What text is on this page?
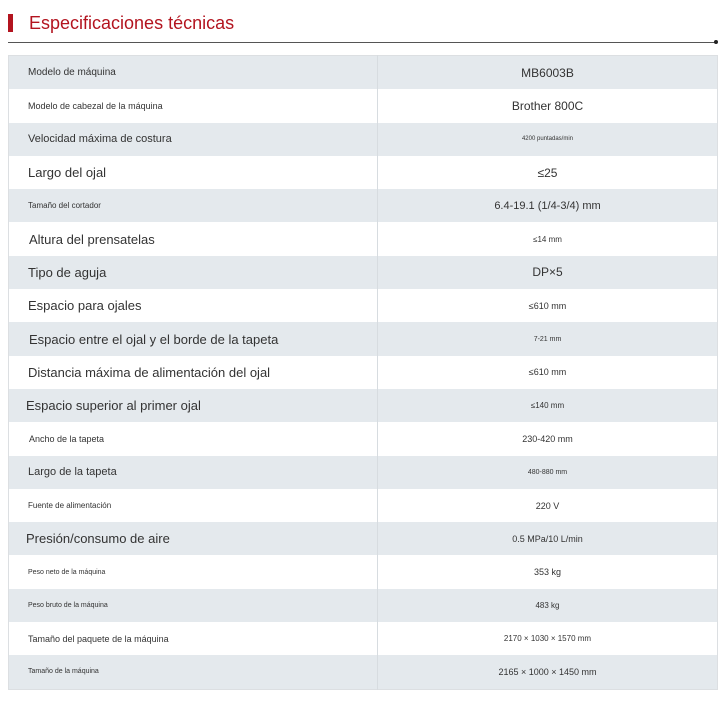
Especificaciones técnicas
Modelo de máquina	MB6003B
Modelo de cabezal de la máquina	Brother 800C
Velocidad máxima de costura	4200 puntadas/min
Largo del ojal	≤25
Tamaño del cortador	6.4-19.1 (1/4-3/4) mm
Altura del prensatelas	≤14 mm
Tipo de aguja	DP×5
Espacio para ojales	≤610 mm
Espacio entre el ojal y el borde de la tapeta	7-21 mm
Distancia máxima de alimentación del ojal	≤610 mm
Espacio superior al primer ojal	≤140 mm
Ancho de la tapeta	230-420 mm
Largo de la tapeta	480-880 mm
Fuente de alimentación	220 V
Presión/consumo de aire	0.5 MPa/10 L/min
Peso neto de la máquina	353 kg
Peso bruto de la máquina	483 kg
Tamaño del paquete de la máquina	2170 × 1030 × 1570 mm
Tamaño de la máquina	2165 × 1000 × 1450 mm
